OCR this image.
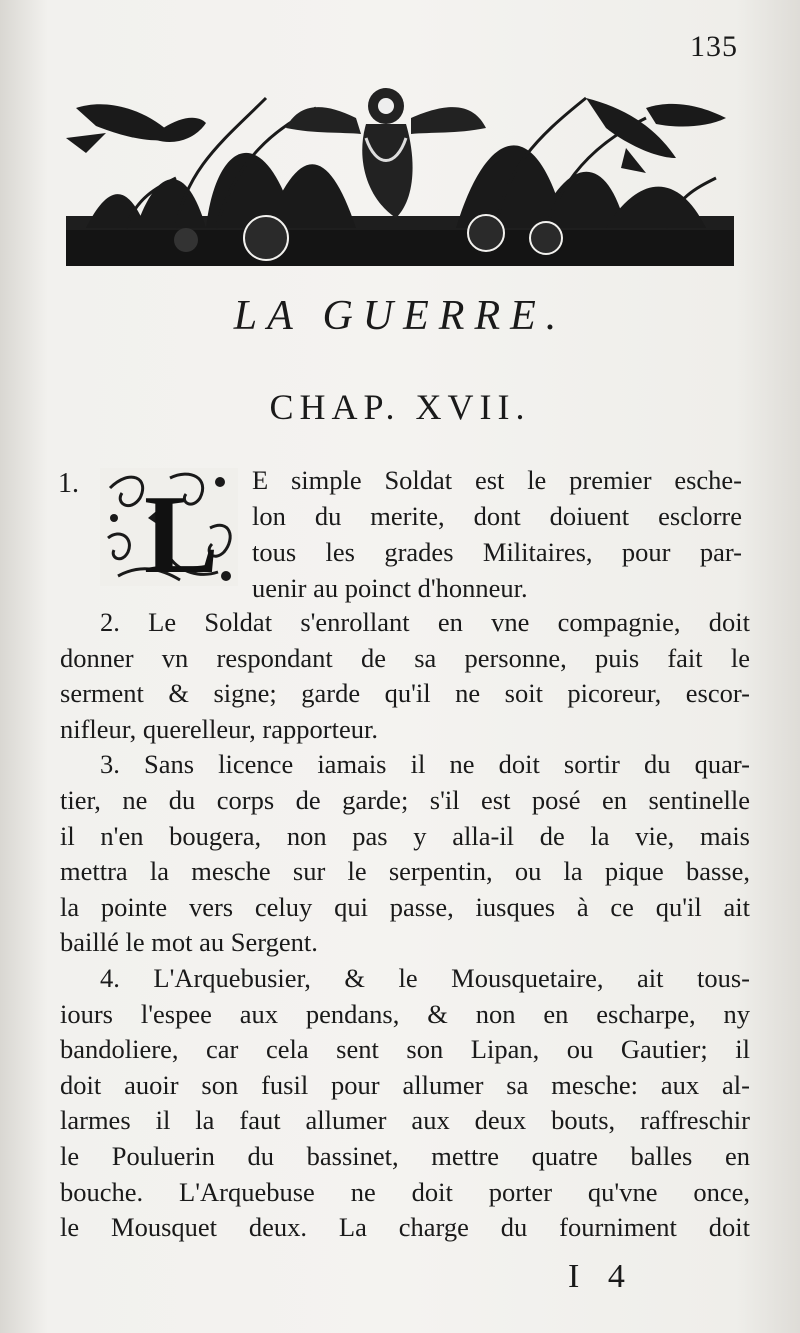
135
LA GUERRE.
CHAP. XVII.
1. L E simple Soldat est le premier esche-
lon du merite, dont doiuent esclorre
tous les grades Militaires, pour par-
uenir au poinct d'honneur.
2. Le Soldat s'enrollant en vne compagnie, doit
donner vn respondant de sa personne, puis fait le
serment & signe; garde qu'il ne soit picoreur, escor-
nifleur, querelleur, rapporteur.
3. Sans licence iamais il ne doit sortir du quar-
tier, ne du corps de garde; s'il est posé en sentinelle
il n'en bougera, non pas y alla-il de la vie, mais
mettra la mesche sur le serpentin, ou la pique basse,
la pointe vers celuy qui passe, iusques à ce qu'il ait
baillé le mot au Sergent.
4. L'Arquebusier, & le Mousquetaire, ait tous-
iours l'espee aux pendans, & non en escharpe, ny
bandoliere, car cela sent son Lipan, ou Gautier; il
doit auoir son fusil pour allumer sa mesche: aux al-
larmes il la faut allumer aux deux bouts, raffreschir
le Pouluerin du bassinet, mettre quatre balles en
bouche. L'Arquebuse ne doit porter qu'vne once,
le Mousquet deux. La charge du fourniment doit
I 4
